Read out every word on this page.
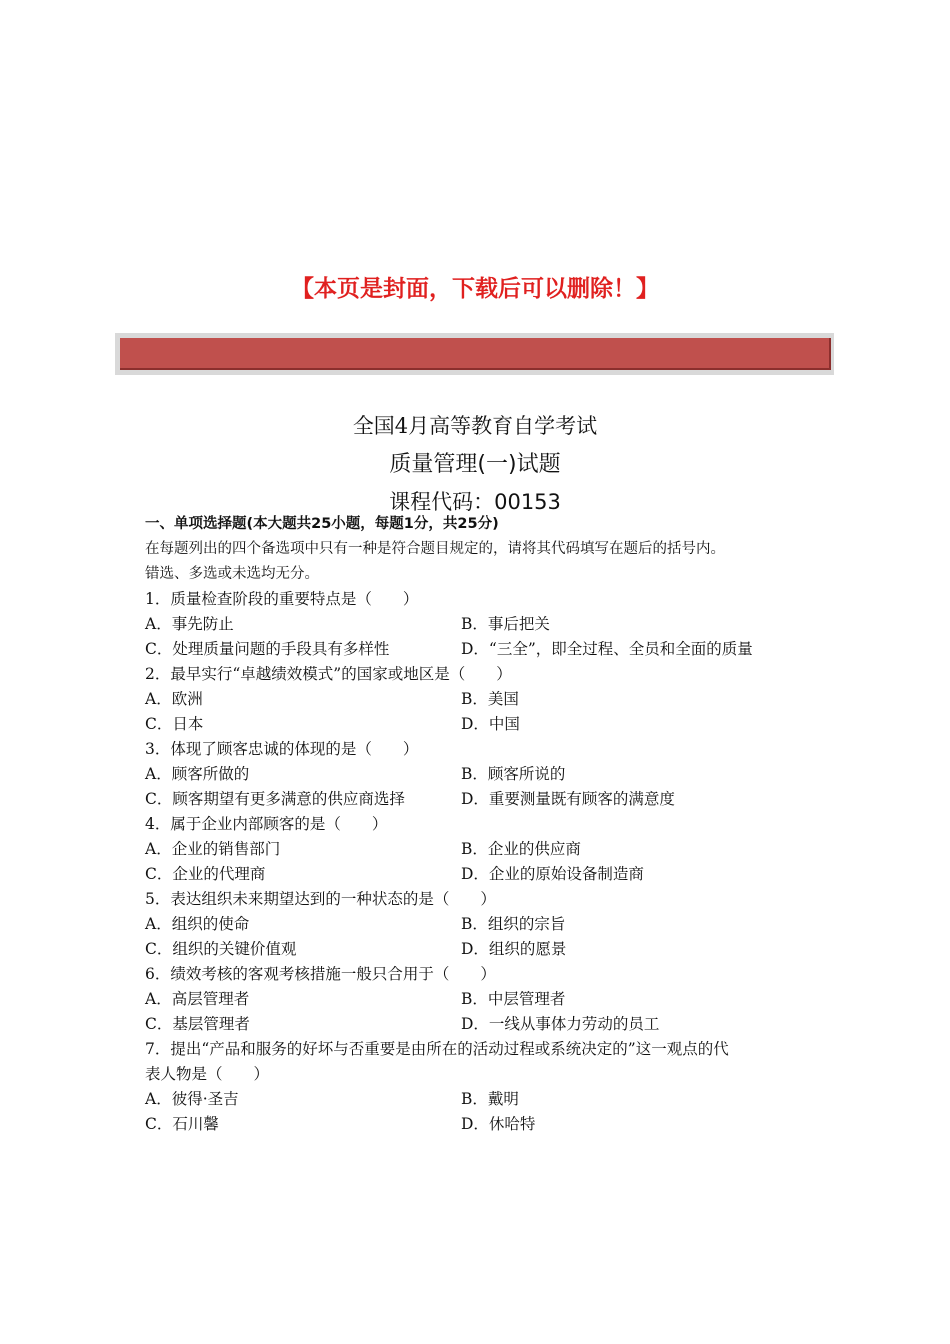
【本页是封面，下载后可以删除！】
全国4月高等教育自学考试
质量管理(一)试题
课程代码：00153
一、单项选择题(本大题共25小题，每题1分，共25分)
在每题列出的四个备选项中只有一种是符合题目规定的，请将其代码填写在题后的括号内。
错选、多选或未选均无分。
1．质量检查阶段的重要特点是（　　）
A．事先防止	B．事后把关
C．处理质量问题的手段具有多样性	D．“三全”，即全过程、全员和全面的质量
2．最早实行“卓越绩效模式”的国家或地区是（　　）
A．欧洲	B．美国
C．日本	D．中国
3．体现了顾客忠诚的体现的是（　　）
A．顾客所做的	B．顾客所说的
C．顾客期望有更多满意的供应商选择	D．重要测量既有顾客的满意度
4．属于企业内部顾客的是（　　）
A．企业的销售部门	B．企业的供应商
C．企业的代理商	D．企业的原始设备制造商
5．表达组织未来期望达到的一种状态的是（　　）
A．组织的使命	B．组织的宗旨
C．组织的关键价值观	D．组织的愿景
6．绩效考核的客观考核措施一般只合用于（　　）
A．高层管理者	B．中层管理者
C．基层管理者	D．一线从事体力劳动的员工
7．提出“产品和服务的好坏与否重要是由所在的活动过程或系统决定的”这一观点的代
表人物是（　　）
A．彼得·圣吉	B．戴明
C．石川馨	D．休哈特
